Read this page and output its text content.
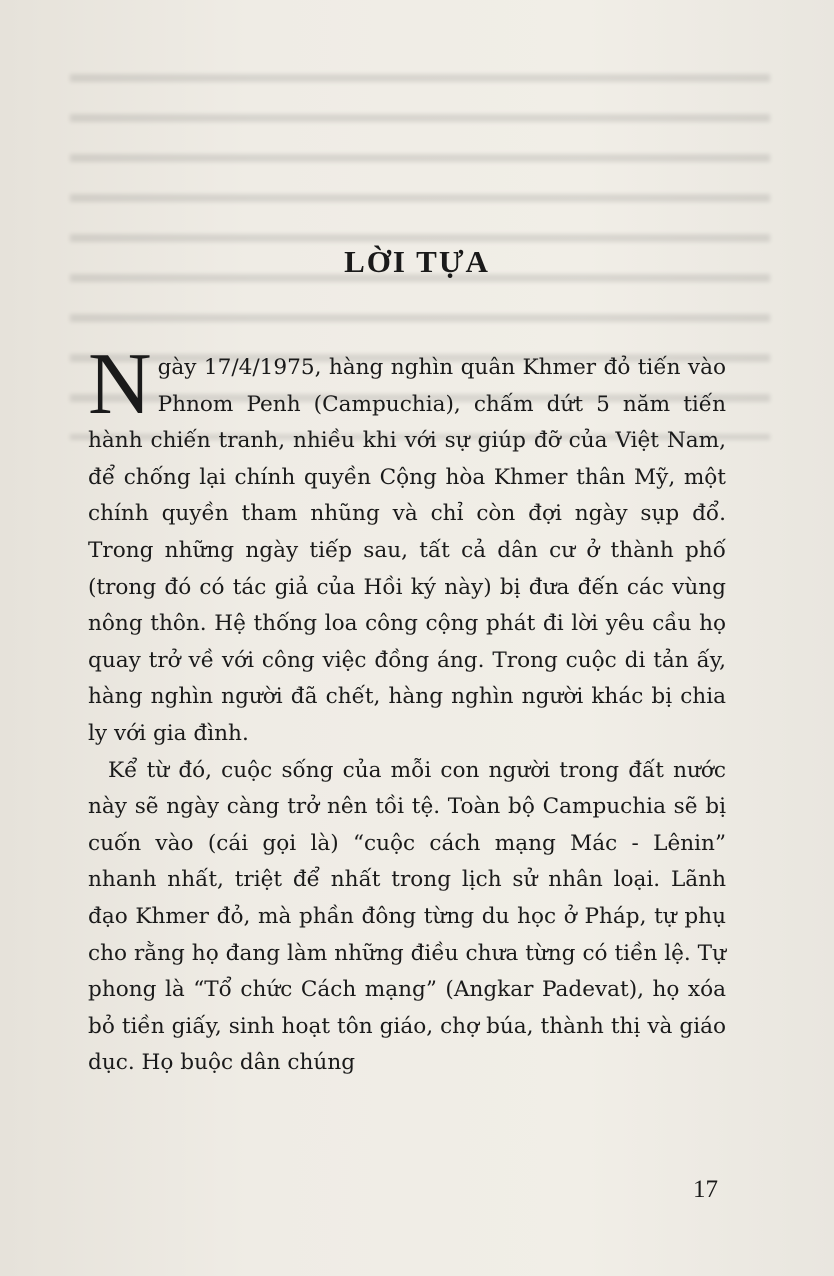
LỜI TỰA

Ngày 17/4/1975, hàng nghìn quân Khmer đỏ tiến vào Phnom Penh (Campuchia), chấm dứt 5 năm tiến hành chiến tranh, nhiều khi với sự giúp đỡ của Việt Nam, để chống lại chính quyền Cộng hòa Khmer thân Mỹ, một chính quyền tham nhũng và chỉ còn đợi ngày sụp đổ. Trong những ngày tiếp sau, tất cả dân cư ở thành phố (trong đó có tác giả của Hồi ký này) bị đưa đến các vùng nông thôn. Hệ thống loa công cộng phát đi lời yêu cầu họ quay trở về với công việc đồng áng. Trong cuộc di tản ấy, hàng nghìn người đã chết, hàng nghìn người khác bị chia ly với gia đình.

Kể từ đó, cuộc sống của mỗi con người trong đất nước này sẽ ngày càng trở nên tồi tệ. Toàn bộ Campuchia sẽ bị cuốn vào (cái gọi là) “cuộc cách mạng Mác - Lênin” nhanh nhất, triệt để nhất trong lịch sử nhân loại. Lãnh đạo Khmer đỏ, mà phần đông từng du học ở Pháp, tự phụ cho rằng họ đang làm những điều chưa từng có tiền lệ. Tự phong là “Tổ chức Cách mạng” (Angkar Padevat), họ xóa bỏ tiền giấy, sinh hoạt tôn giáo, chợ búa, thành thị và giáo dục. Họ buộc dân chúng

17
